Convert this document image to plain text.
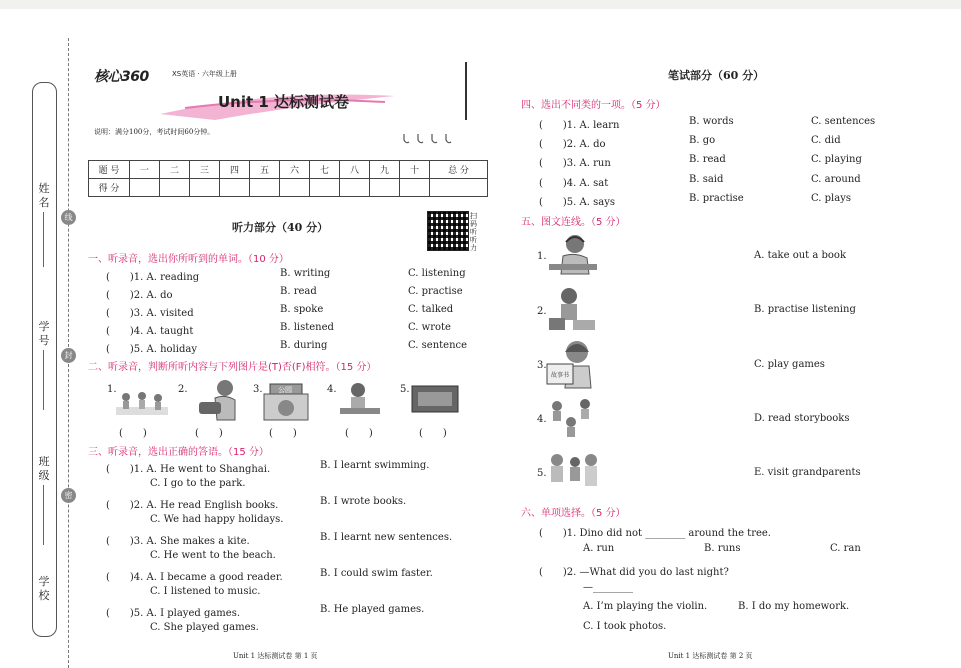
姓名
学号
班级
学校
线
封
密
核心360	XS英语 · 六年级上册
Unit 1 达标测试卷
说明：满分100分，考试时间60分钟。
题 号	一	二	三	四	五	六	七	八	九	十	总 分
得 分											
听力部分（40 分）
扫码听听力
一、听录音，选出你所听到的单词。（10 分）
(　　)1. A. reading	B. writing	C. listening
(　　)2. A. do	B. read	C. practise
(　　)3. A. visited	B. spoke	C. talked
(　　)4. A. taught	B. listened	C. wrote
(　　)5. A. holiday	B. during	C. sentence
二、听录音，判断所听内容与下列图片是(T)否(F)相符。（15 分）
1.	2.	3. 公园	4.	5.
(　　)	(　　)	(　　)	(　　)	(　　)
三、听录音，选出正确的答语。（15 分）
(　　)1. A. He went to Shanghai.	B. I learnt swimming.
C. I go to the park.
(　　)2. A. He read English books.	B. I wrote books.
C. We had happy holidays.
(　　)3. A. She makes a kite.	B. I learnt new sentences.
C. He went to the beach.
(　　)4. A. I became a good reader.	B. I could swim faster.
C. I listened to music.
(　　)5. A. I played games.	B. He played games.
C. She played games.
Unit 1 达标测试卷 第 1 页
笔试部分（60 分）
四、选出不同类的一项。（5 分）
(　　)1. A. learn	B. words	C. sentences
(　　)2. A. do	B. go	C. did
(　　)3. A. run	B. read	C. playing
(　　)4. A. sat	B. said	C. around
(　　)5. A. says	B. practise	C. plays
五、图文连线。（5 分）
1.
2.
3.
故事书
4.
5.
A. take out a book
B. practise listening
C. play games
D. read storybooks
E. visit grandparents
六、单项选择。（5 分）
(　　)1. Dino did not ________ around the tree.
A. run	B. runs	C. ran
(　　)2. —What did you do last night?
—________
A. I’m playing the violin.	B. I do my homework.
C. I took photos.
Unit 1 达标测试卷 第 2 页
